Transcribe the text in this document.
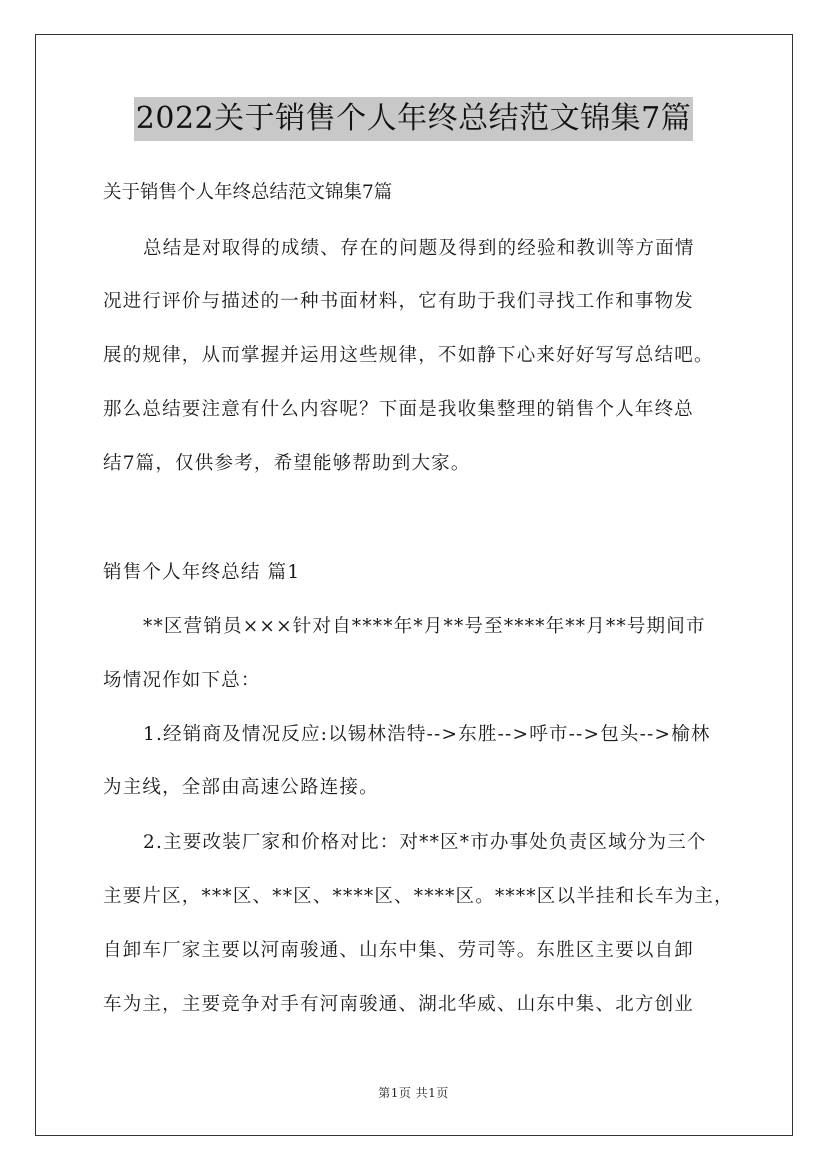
2022关于销售个人年终总结范文锦集7篇
关于销售个人年终总结范文锦集7篇
总结是对取得的成绩、存在的问题及得到的经验和教训等方面情
况进行评价与描述的一种书面材料，它有助于我们寻找工作和事物发
展的规律，从而掌握并运用这些规律，不如静下心来好好写写总结吧。
那么总结要注意有什么内容呢？下面是我收集整理的销售个人年终总
结7篇，仅供参考，希望能够帮助到大家。
销售个人年终总结 篇1
**区营销员×××针对自****年*月**号至****年**月**号期间市
场情况作如下总：
1.经销商及情况反应:以锡林浩特-->东胜-->呼市-->包头-->榆林
为主线，全部由高速公路连接。
2.主要改装厂家和价格对比：对**区*市办事处负责区域分为三个
主要片区，***区、**区、****区、****区。****区以半挂和长车为主，
自卸车厂家主要以河南骏通、山东中集、劳司等。东胜区主要以自卸
车为主，主要竞争对手有河南骏通、湖北华威、山东中集、北方创业
第1页 共1页
